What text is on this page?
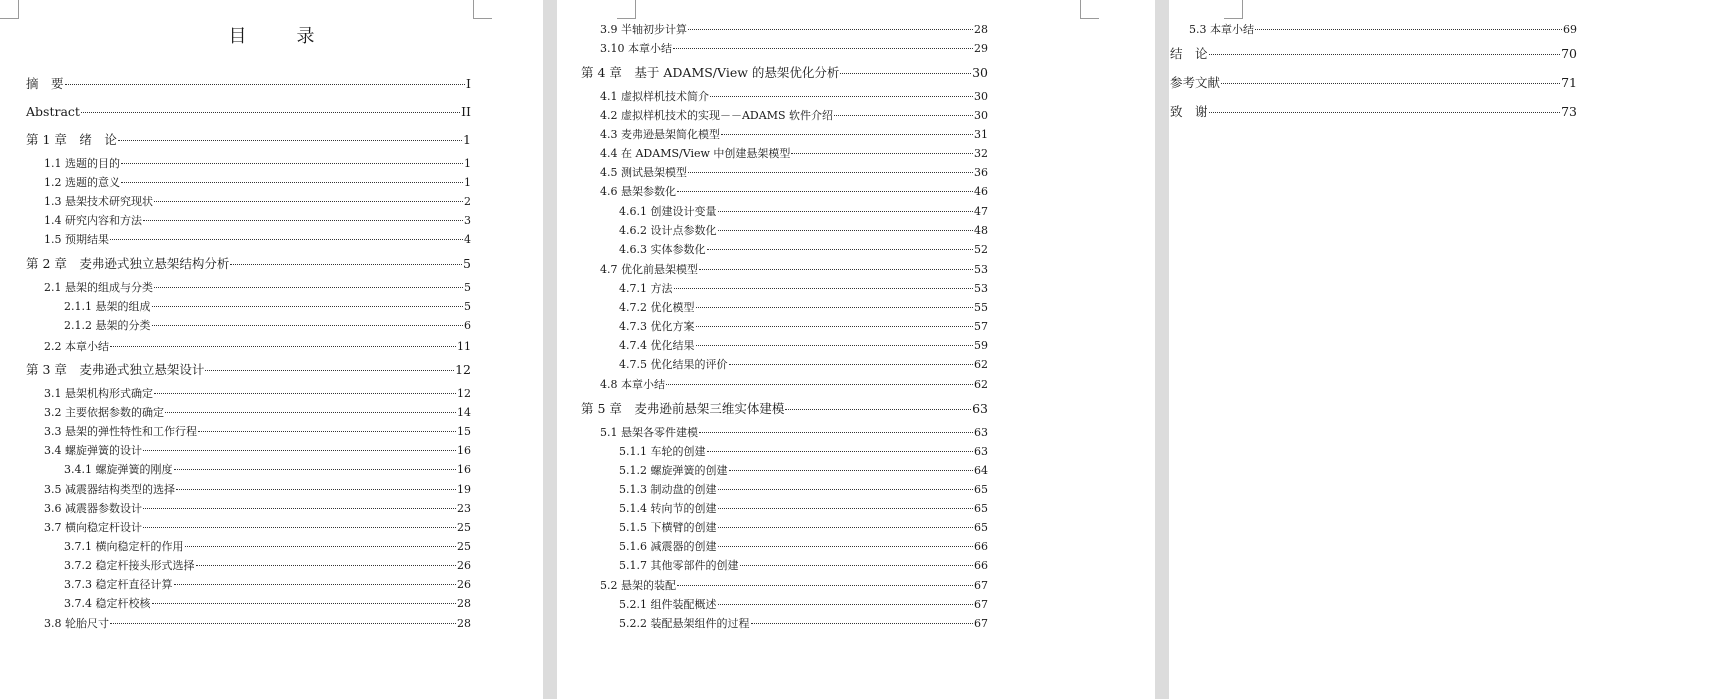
目　录
摘　要	I
Abstract	II
第 1 章　绪　论	1
1.1 选题的目的	1
1.2 选题的意义	1
1.3 悬架技术研究现状	2
1.4 研究内容和方法	3
1.5 预期结果	4
第 2 章　麦弗逊式独立悬架结构分析	5
2.1 悬架的组成与分类	5
2.1.1 悬架的组成	5
2.1.2 悬架的分类	6
2.2 本章小结	11
第 3 章　麦弗逊式独立悬架设计	12
3.1 悬架机构形式确定	12
3.2 主要依据参数的确定	14
3.3 悬架的弹性特性和工作行程	15
3.4 螺旋弹簧的设计	16
3.4.1 螺旋弹簧的刚度	16
3.5 减震器结构类型的选择	19
3.6 减震器参数设计	23
3.7 横向稳定杆设计	25
3.7.1 横向稳定杆的作用	25
3.7.2 稳定杆接头形式选择	26
3.7.3 稳定杆直径计算	26
3.7.4 稳定杆校核	28
3.8 轮胎尺寸	28
3.9 半轴初步计算	28
3.10 本章小结	29
第 4 章　基于 ADAMS/View 的悬架优化分析	30
4.1 虚拟样机技术简介	30
4.2 虚拟样机技术的实现－－ADAMS 软件介绍	30
4.3 麦弗逊悬架简化模型	31
4.4 在 ADAMS/View 中创建悬架模型	32
4.5 测试悬架模型	36
4.6 悬架参数化	46
4.6.1 创建设计变量	47
4.6.2 设计点参数化	48
4.6.3 实体参数化	52
4.7 优化前悬架模型	53
4.7.1 方法	53
4.7.2 优化模型	55
4.7.3 优化方案	57
4.7.4 优化结果	59
4.7.5 优化结果的评价	62
4.8 本章小结	62
第 5 章　麦弗逊前悬架三维实体建模	63
5.1 悬架各零件建模	63
5.1.1 车轮的创建	63
5.1.2 螺旋弹簧的创建	64
5.1.3 制动盘的创建	65
5.1.4 转向节的创建	65
5.1.5 下横臂的创建	65
5.1.6 减震器的创建	66
5.1.7 其他零部件的创建	66
5.2 悬架的装配	67
5.2.1 组件装配概述	67
5.2.2 装配悬架组件的过程	67
5.3 本章小结	69
结　论	70
参考文献	71
致　谢	73
